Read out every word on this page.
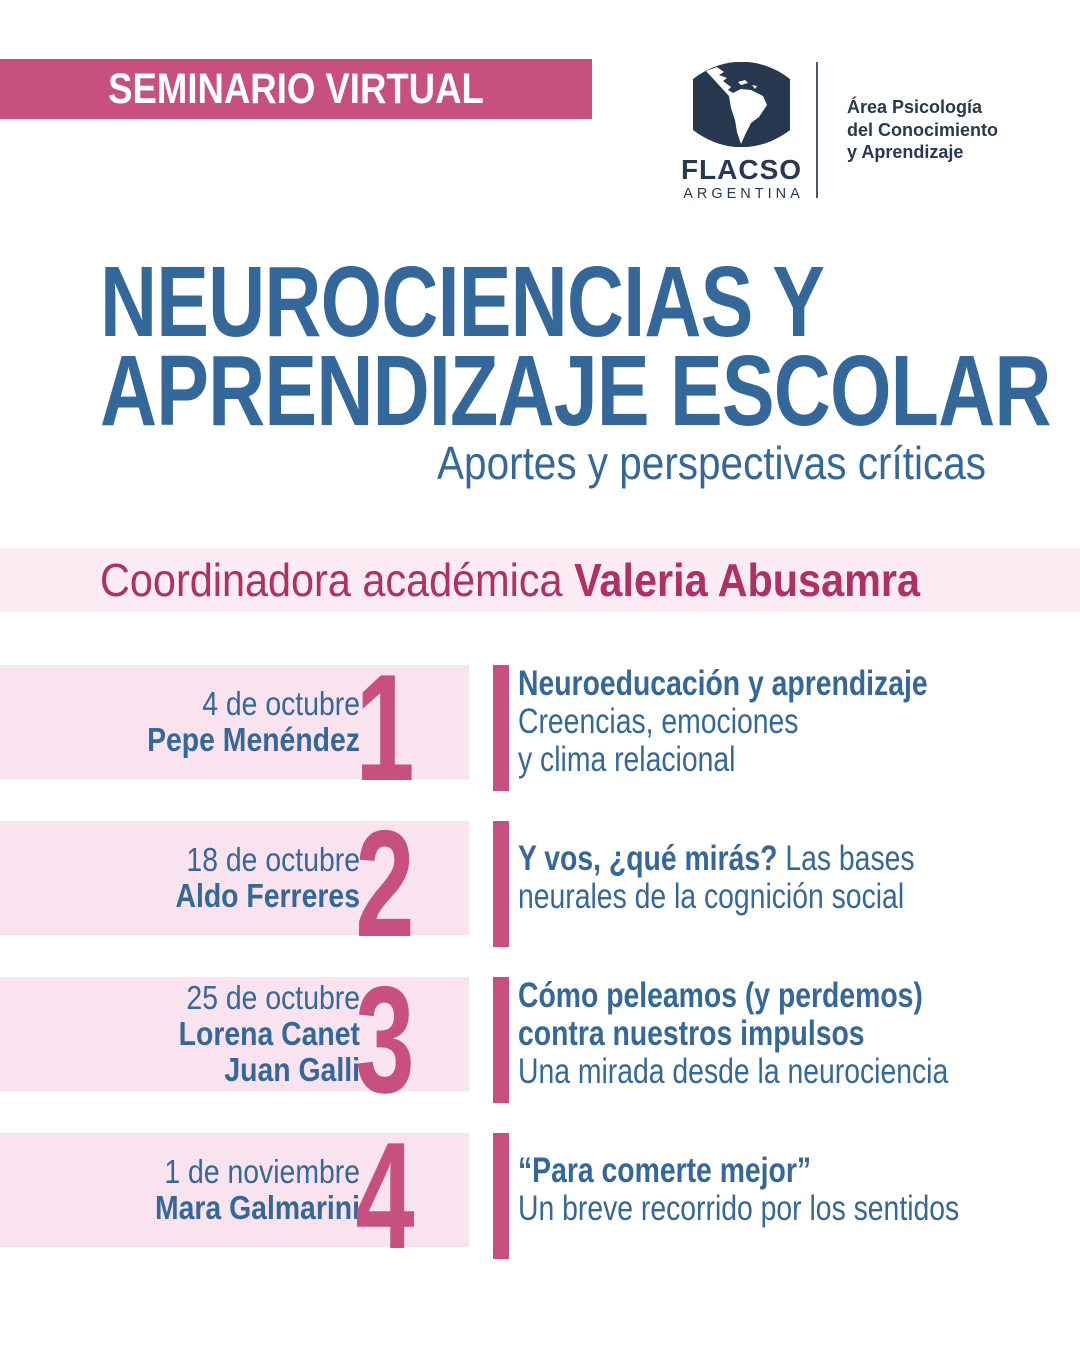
SEMINARIO VIRTUAL
FLACSO
ARGENTINA
Área Psicología
del Conocimiento
y Aprendizaje
NEUROCIENCIAS Y
APRENDIZAJE ESCOLAR
Aportes y perspectivas críticas
Coordinadora académica Valeria Abusamra
4 de octubre
Pepe Menéndez
1	Neuroeducación y aprendizaje
Creencias, emociones
y clima relacional
18 de octubre
Aldo Ferreres
2	Y vos, ¿qué mirás? Las bases
neurales de la cognición social
25 de octubre
Lorena Canet
Juan Galli
3	Cómo peleamos (y perdemos)
contra nuestros impulsos
Una mirada desde la neurociencia
1 de noviembre
Mara Galmarini
4	“Para comerte mejor”
Un breve recorrido por los sentidos
